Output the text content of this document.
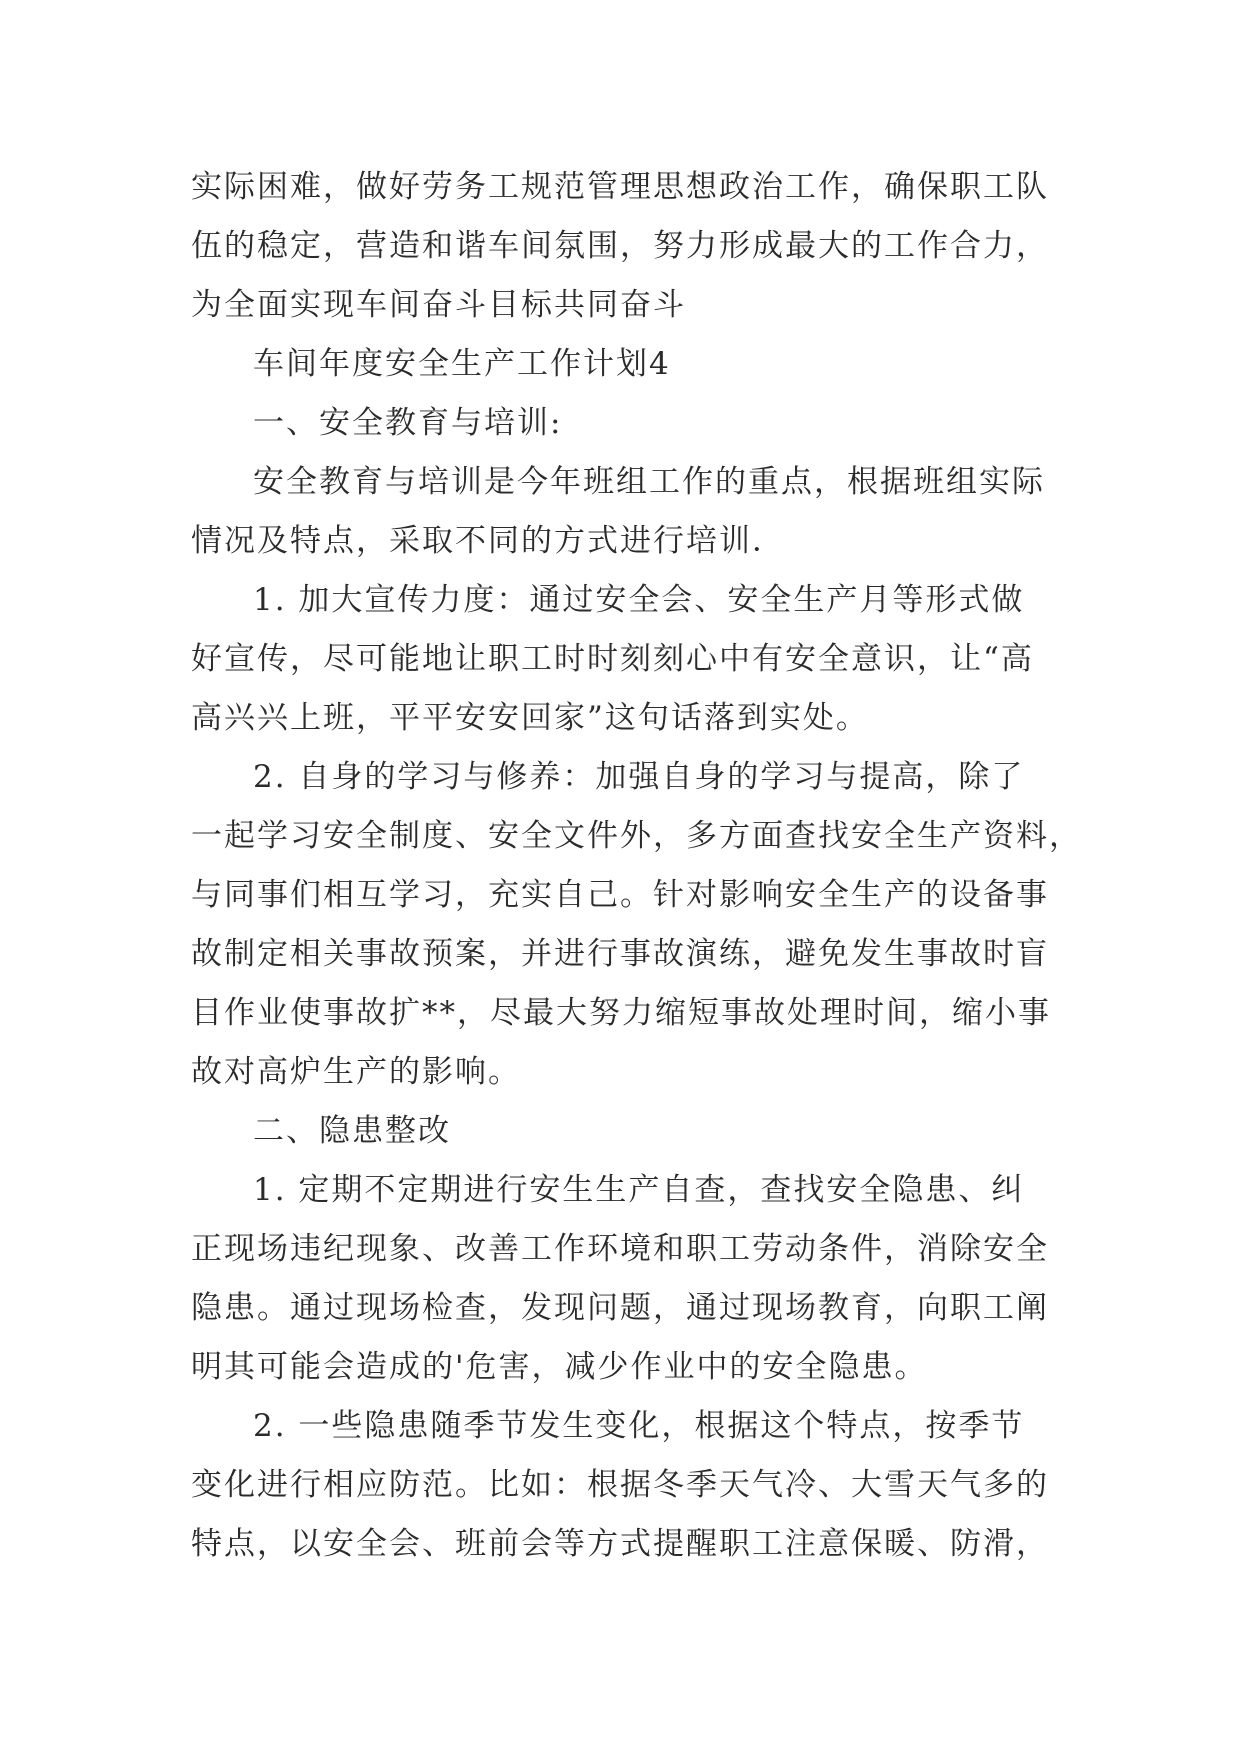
实际困难，做好劳务工规范管理思想政治工作，确保职工队
伍的稳定，营造和谐车间氛围，努力形成最大的工作合力，
为全面实现车间奋斗目标共同奋斗
车间年度安全生产工作计划4
一、安全教育与培训:
安全教育与培训是今年班组工作的重点，根据班组实际
情况及特点，采取不同的方式进行培训．
1. 加大宣传力度：通过安全会、安全生产月等形式做
好宣传，尽可能地让职工时时刻刻心中有安全意识，让“高
高兴兴上班，平平安安回家”这句话落到实处。
2. 自身的学习与修养：加强自身的学习与提高，除了
一起学习安全制度、安全文件外，多方面查找安全生产资料，
与同事们相互学习，充实自己。针对影响安全生产的设备事
故制定相关事故预案，并进行事故演练，避免发生事故时盲
目作业使事故扩**，尽最大努力缩短事故处理时间，缩小事
故对高炉生产的影响。
二、隐患整改
1. 定期不定期进行安生生产自查，查找安全隐患、纠
正现场违纪现象、改善工作环境和职工劳动条件，消除安全
隐患。通过现场检查，发现问题，通过现场教育，向职工阐
明其可能会造成的'危害，减少作业中的安全隐患。
2. 一些隐患随季节发生变化，根据这个特点，按季节
变化进行相应防范。比如：根据冬季天气冷、大雪天气多的
特点，以安全会、班前会等方式提醒职工注意保暖、防滑，
